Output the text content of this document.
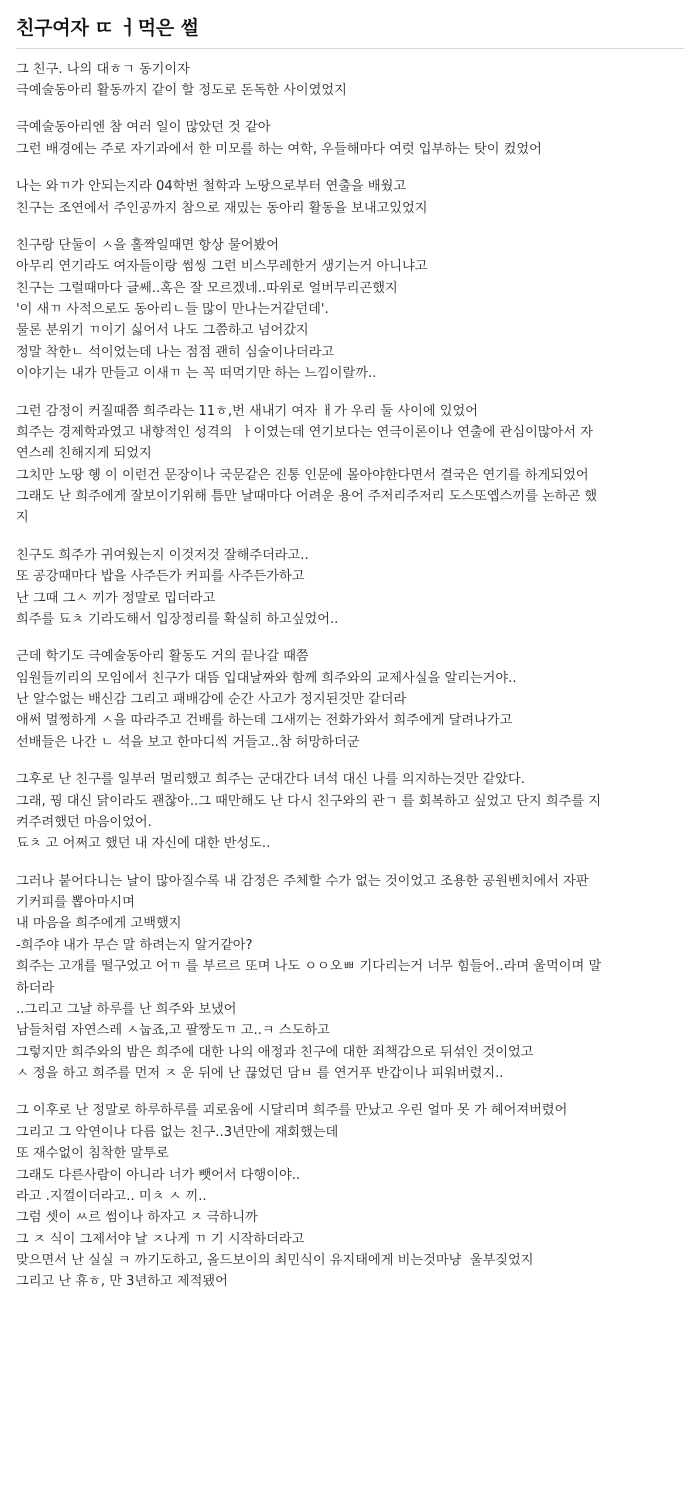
친구여자 ㄸ ㅓ먹은 썰
그 친구. 나의 대ㅎㄱ 동기이자
극예술동아리 활동까지 같이 할 정도로 돈독한 사이였었지
극예술동아리엔 참 여러 일이 많았던 것 같아
그런 배경에는 주로 자기과에서 한 미모를 하는 여학, 우들해마다 여럿 입부하는 탓이 컸었어
나는 와ㄲ가 안되는지라 04학번 철학과 노땅으로부터 연출을 배웠고
친구는 조연에서 주인공까지 참으로 재밌는 동아리 활동을 보내고있었지
친구랑 단둘이 ㅅ을 홀짝일때면 항상 물어봤어
아무리 연기라도 여자들이랑 썸씽 그런 비스무레한거 생기는거 아니냐고
친구는 그럴때마다 글쎄..혹은 잘 모르겠네..따위로 얼버무리곤했지
'이 새ㄲ 사적으로도 동아리ㄴ들 많이 만나는거같던데'.
물론 분위기 ㄲ이기 싫어서 나도 그쯤하고 넘어갔지
정말 착한ㄴ 석이었는데 나는 점점 괜히 심술이나더라고
이야기는 내가 만들고 이새ㄲ 는 꼭 떠먹기만 하는 느낌이랄까..
그런 감정이 커질때쯤 희주라는 11ㅎ,번 새내기 여자 ㅐ가 우리 둘 사이에 있었어
희주는 경제학과였고 내향적인 성격의  ㅏ이였는데 연기보다는 연극이론이나 연출에 관심이많아서 자
연스레 친해지게 되었지
그치만 노땅 혱 이 이런건 문장이나 국문같은 진통 인문에 몰아야한다면서 결국은 연기를 하게되었어
그래도 난 희주에게 잘보이기위해 틈만 날때마다 어려운 용어 주저리주저리 도스또옙스끼를 논하곤 했
지
친구도 희주가 귀여웠는지 이것저것 잘해주더라고..
또 공강때마다 밥을 사주든가 커피를 사주든가하고
난 그때 그ㅅ 끼가 정말로 밉더라고
희주를 됴ㅊ 기라도해서 입장정리를 확실히 하고싶었어..
근데 학기도 극예술동아리 활동도 거의 끝나갈 때쯤
임원들끼리의 모임에서 친구가 대뜸 입대날짜와 함께 희주와의 교제사실을 알리는거야..
난 알수없는 배신감 그리고 패배감에 순간 사고가 정지된것만 같더라
애써 멀쩡하게 ㅅ을 따라주고 건배를 하는데 그새끼는 전화가와서 희주에게 달려나가고
선배들은 나간 ㄴ 석을 보고 한마디씩 거들고..참 허망하더군
그후로 난 친구를 일부러 멀리했고 희주는 군대간다 녀석 대신 나를 의지하는것만 같았다.
그래, 꿩 대신 닭이라도 괜찮아..그 때만해도 난 다시 친구와의 관ㄱ 를 회복하고 싶었고 단지 희주를 지
켜주려했던 마음이었어.
됴ㅊ 고 어쩌고 했던 내 자신에 대한 반성도..
그러나 붙어다니는 날이 많아질수록 내 감정은 주체할 수가 없는 것이었고 조용한 공원벤치에서 자판
기커피를 뽑아마시며
내 마음을 희주에게 고백했지
-희주야 내가 무슨 말 하려는지 알거같아?
희주는 고개를 떨구었고 어ㄲ 를 부르르 또며 나도 ㅇㅇ오ㅃ 기다리는거 너무 힘들어..라며 울먹이며 말
하더라
..그리고 그날 하루를 난 희주와 보냈어
남들처럼 자연스레 ㅅ눕죠,고 팔짱도ㄲ 고..ㅋ 스도하고
그렇지만 희주와의 밤은 희주에 대한 나의 애정과 친구에 대한 죄책감으로 뒤섞인 것이었고
ㅅ 정을 하고 희주를 먼저 ㅈ 운 뒤에 난 끊었던 담ㅂ 를 연거푸 반갑이나 피워버렸지..
그 이후로 난 정말로 하루하루를 괴로움에 시달리며 희주를 만났고 우린 얼마 못 가 헤어져버렸어
그리고 그 악연이나 다름 없는 친구..3년만에 재회했는데
또 재수없이 침착한 말투로
그래도 다른사람이 아니라 너가 뺏어서 다행이야..
라고 .지껄이더라고.. 미ㅊ ㅅ 끼..
그럼 셋이 ㅆ르 썸이나 하자고 ㅈ 극하니까
그 ㅈ 식이 그제서야 날 ㅈ나게 ㄲ 기 시작하더라고
맞으면서 난 실실 ㅋ 까기도하고, 올드보이의 최민식이 유지태에게 비는것마냥  울부짖었지
그리고 난 휴ㅎ, 만 3년하고 제적됐어
